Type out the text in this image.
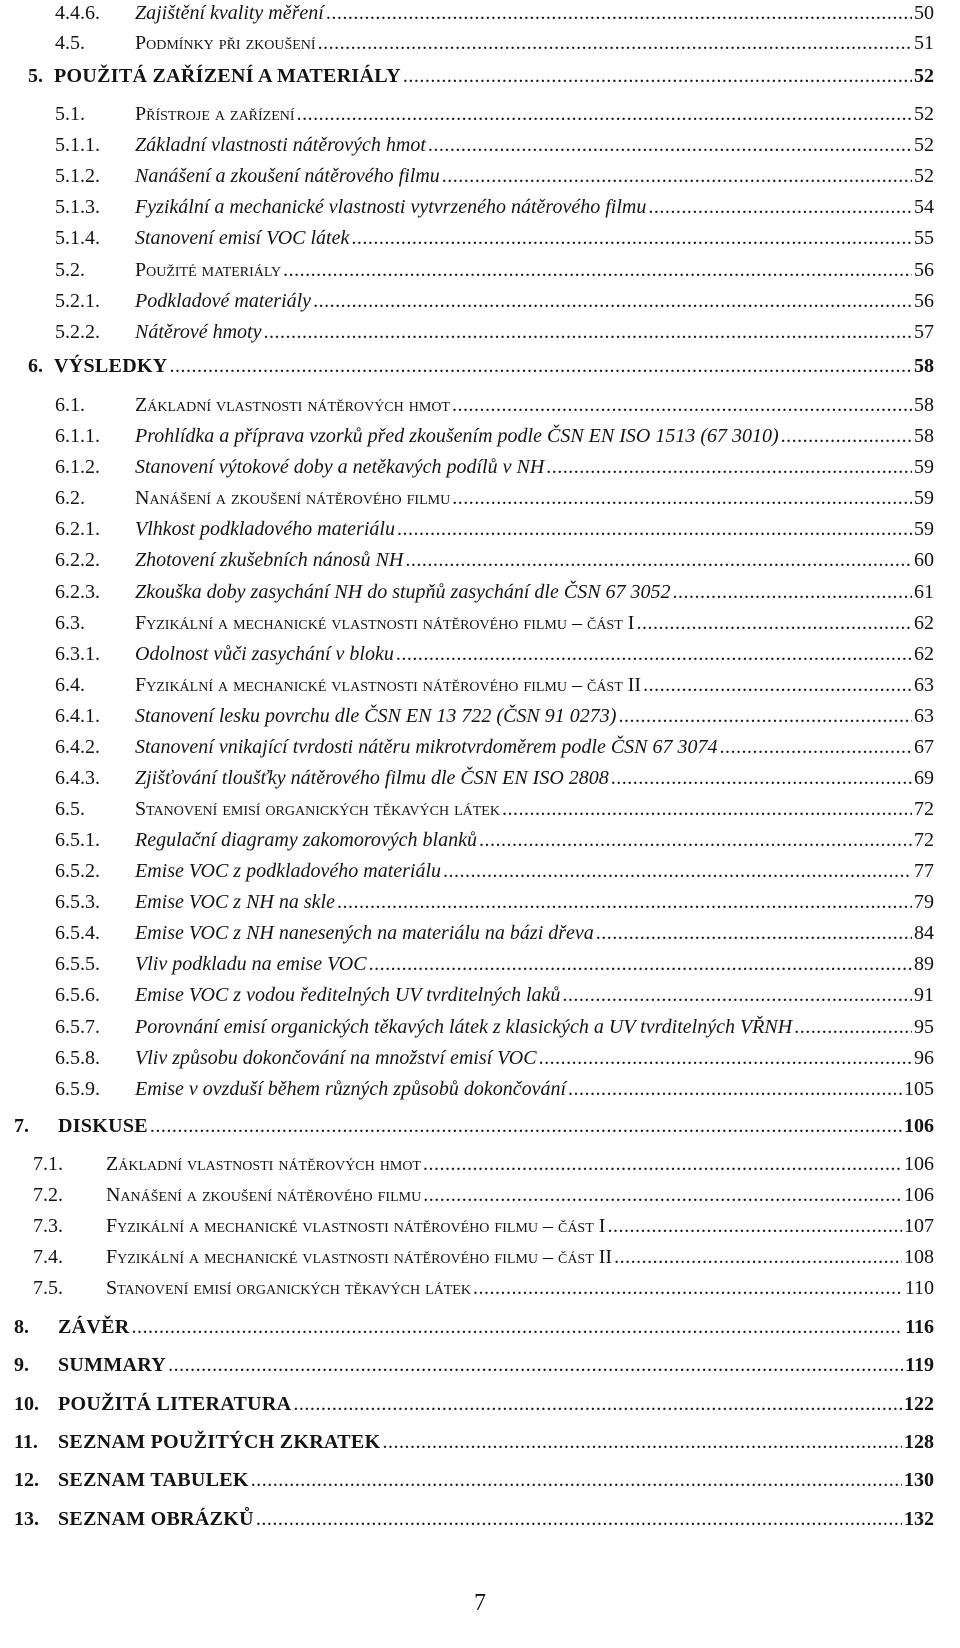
4.4.6.	Zajištění kvality měření .....	50
4.5.	Podmínky při zkoušení .....	51
5. POUŽITÁ ZAŘÍZENÍ A MATERIÁLY .....	52
5.1.	Přístroje a zařízení .....	52
5.1.1.	Základní vlastnosti nátěrových hmot .....	52
5.1.2.	Nanášení a zkoušení nátěrového filmu .....	52
5.1.3.	Fyzikální a mechanické vlastnosti vytvrzeného nátěrového filmu .....	54
5.1.4.	Stanovení emisí VOC látek .....	55
5.2.	Použité materiály .....	56
5.2.1.	Podkladové materiály .....	56
5.2.2.	Nátěrové hmoty .....	57
6. VÝSLEDKY .....	58
6.1.	Základní vlastnosti nátěrových hmot .....	58
6.1.1.	Prohlídka a příprava vzorků před zkoušením podle ČSN EN ISO 1513 (67 3010) .....	58
6.1.2.	Stanovení výtokové doby a netěkavých podílů v NH .....	59
6.2.	Nanášení a zkoušení nátěrového filmu .....	59
6.2.1.	Vlhkost podkladového materiálu .....	59
6.2.2.	Zhotovení zkušebních nánosů NH .....	60
6.2.3.	Zkouška doby zasychání NH do stupňů zasychání dle ČSN 67 3052 .....	61
6.3.	Fyzikální a mechanické vlastnosti nátěrového filmu – část I .....	62
6.3.1.	Odolnost vůči zasychání v bloku .....	62
6.4.	Fyzikální a mechanické vlastnosti nátěrového filmu – část II .....	63
6.4.1.	Stanovení lesku povrchu dle ČSN EN 13 722 (ČSN 91 0273) .....	63
6.4.2.	Stanovení vnikající tvrdosti nátěru mikrotvrdoměrem podle ČSN 67 3074 .....	67
6.4.3.	Zjišťování tloušťky nátěrového filmu dle ČSN EN ISO 2808 .....	69
6.5.	Stanovení emisí organických těkavých látek .....	72
6.5.1.	Regulační diagramy zakomorových blanků .....	72
6.5.2.	Emise VOC z podkladového materiálu .....	77
6.5.3.	Emise VOC z NH na skle .....	79
6.5.4.	Emise VOC z NH nanesených na materiálu na bázi dřeva .....	84
6.5.5.	Vliv podkladu na emise VOC .....	89
6.5.6.	Emise VOC z vodou ředitelných UV tvrditelných laků .....	91
6.5.7.	Porovnání emisí organických těkavých látek z klasických a UV tvrditelných VŘNH .....	95
6.5.8.	Vliv způsobu dokončování na množství emisí VOC .....	96
6.5.9.	Emise v ovzduší během různých způsobů dokončování .....	105
7.	DISKUSE .....	106
7.1.	Základní vlastnosti nátěrových hmot .....	106
7.2.	Nanášení a zkoušení nátěrového filmu .....	106
7.3.	Fyzikální a mechanické vlastnosti nátěrového filmu – část I .....	107
7.4.	Fyzikální a mechanické vlastnosti nátěrového filmu – část II .....	108
7.5.	Stanovení emisí organických těkavých látek .....	110
8.	ZÁVĚR .....	116
9.	SUMMARY .....	119
10. POUŽITÁ LITERATURA .....	122
11.	SEZNAM POUŽITÝCH ZKRATEK .....	128
12. SEZNAM TABULEK .....	130
13. SEZNAM OBRÁZKŮ .....	132
7
